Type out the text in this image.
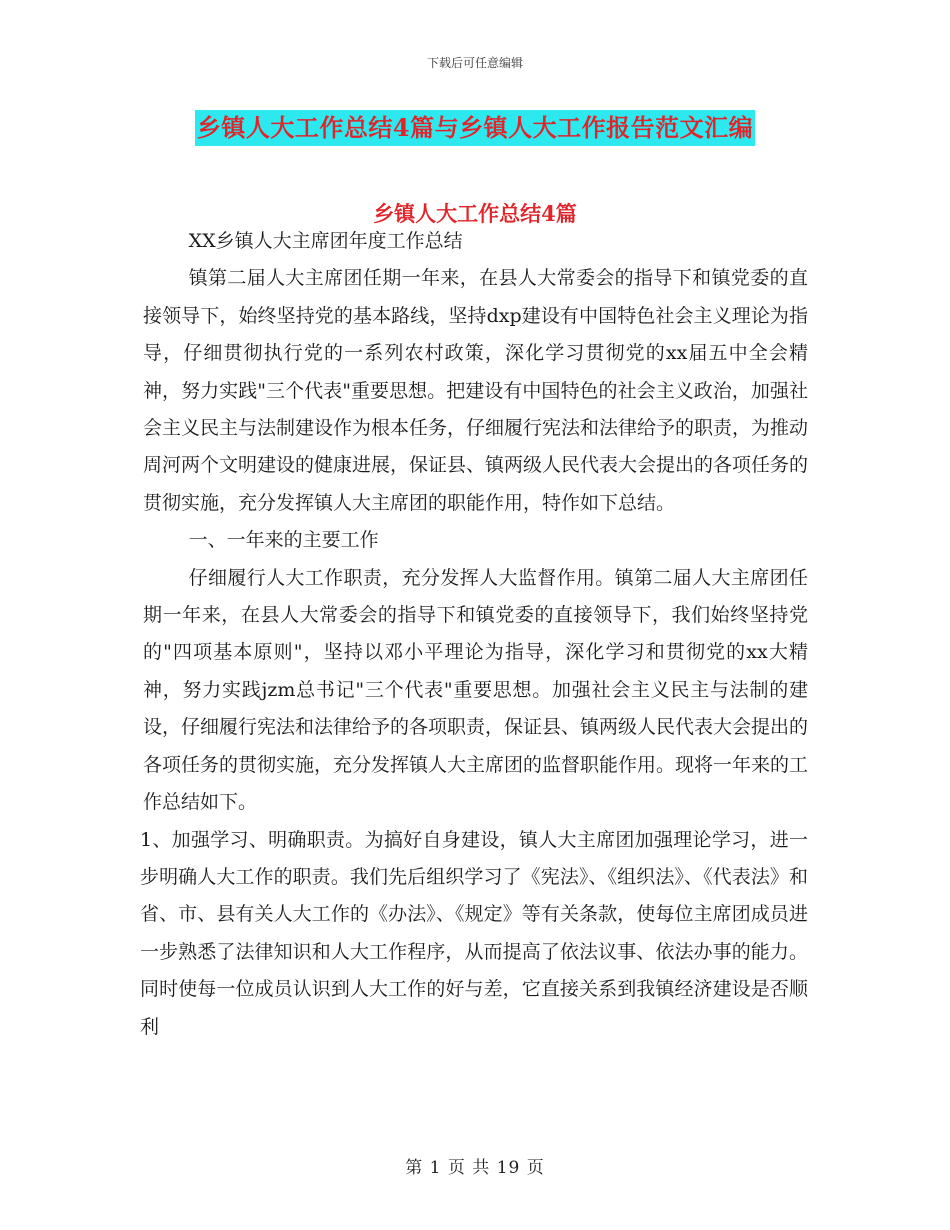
下载后可任意编辑
乡镇人大工作总结4篇与乡镇人大工作报告范文汇编
乡镇人大工作总结4篇

XX乡镇人大主席团年度工作总结

镇第二届人大主席团任期一年来，在县人大常委会的指导下和镇党委的直接领导下，始终坚持党的基本路线，坚持dxp建设有中国特色社会主义理论为指导，仔细贯彻执行党的一系列农村政策，深化学习贯彻党的xx届五中全会精神，努力实践"三个代表"重要思想。把建设有中国特色的社会主义政治，加强社会主义民主与法制建设作为根本任务，仔细履行宪法和法律给予的职责，为推动周河两个文明建设的健康进展，保证县、镇两级人民代表大会提出的各项任务的贯彻实施，充分发挥镇人大主席团的职能作用，特作如下总结。

一、一年来的主要工作

仔细履行人大工作职责，充分发挥人大监督作用。镇第二届人大主席团任期一年来，在县人大常委会的指导下和镇党委的直接领导下，我们始终坚持党的"四项基本原则"，坚持以邓小平理论为指导，深化学习和贯彻党的xx大精神，努力实践jzm总书记"三个代表"重要思想。加强社会主义民主与法制的建设，仔细履行宪法和法律给予的各项职责，保证县、镇两级人民代表大会提出的各项任务的贯彻实施，充分发挥镇人大主席团的监督职能作用。现将一年来的工作总结如下。

1、加强学习、明确职责。为搞好自身建设，镇人大主席团加强理论学习，进一步明确人大工作的职责。我们先后组织学习了《宪法》、《组织法》、《代表法》和省、市、县有关人大工作的《办法》、《规定》等有关条款，使每位主席团成员进一步熟悉了法律知识和人大工作程序，从而提高了依法议事、依法办事的能力。同时使每一位成员认识到人大工作的好与差，它直接关系到我镇经济建设是否顺利

第 1 页 共 19 页
